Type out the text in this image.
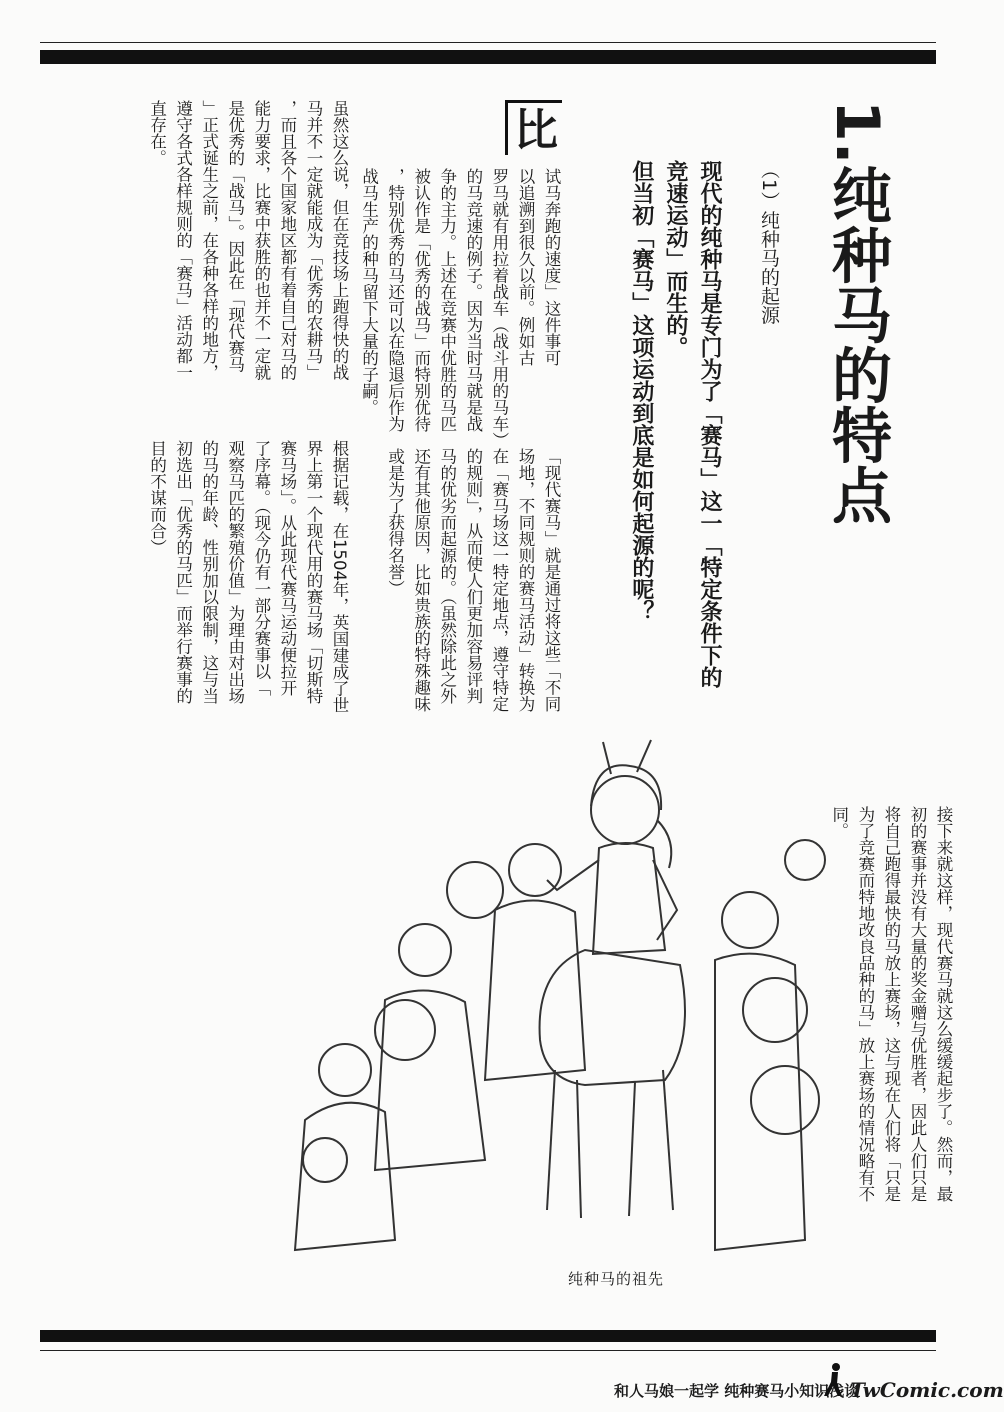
1.纯种马的特点
（1）纯种马的起源
现代的纯种马是专门为了「赛马」这一「特定条件下的
竞速运动」而生的。
但当初「赛马」这项运动到底是如何起源的呢？
比
试马奔跑的速度」这件事可
以追溯到很久以前。例如古
罗马就有用拉着战车（战斗用的马车）
的马竞速的例子。因为当时马就是战
争的主力。上述在竞赛中优胜的马匹
被认作是「优秀的战马」而特别优待
，特别优秀的马还可以在隐退后作为
战马生产的种马留下大量的子嗣。
虽然这么说，但在竞技场上跑得快的战
马并不一定就能成为「优秀的农耕马」
，而且各个国家地区都有着自己对马的
能力要求，比赛中获胜的也并不一定就
是优秀的「战马」。因此在「现代赛马
」正式诞生之前，在各种各样的地方，
遵守各式各样规则的「赛马」活动都一
直存在。
「现代赛马」就是通过将这些「不同
场地，不同规则的赛马活动」转换为
在「赛马场这一特定地点，遵守特定
的规则」，从而使人们更加容易评判
马的优劣而起源的。（虽然除此之外
还有其他原因，比如贵族的特殊趣味
或是为了获得名誉）
根据记载，在1504年，英国建成了世
界上第一个现代用的赛马场「切斯特
赛马场」。从此现代赛马运动便拉开
了序幕。（现今仍有一部分赛事以「
观察马匹的繁殖价值」为理由对出场
的马的年龄、性别加以限制，这与当
初选出「优秀的马匹」而举行赛事的
目的不谋而合）
接下来就这样，现代赛马就这么缓缓起步了。然而，最
初的赛事并没有大量的奖金赠与优胜者，因此人们只是
将自己跑得最快的马放上赛场，这与现在人们将「只是
为了竞赛而特地改良品种的马」放上赛场的情况略有不
同。
纯种马的祖先
和人马娘一起学 纯种赛马小知识浅谈
TwComic.com
